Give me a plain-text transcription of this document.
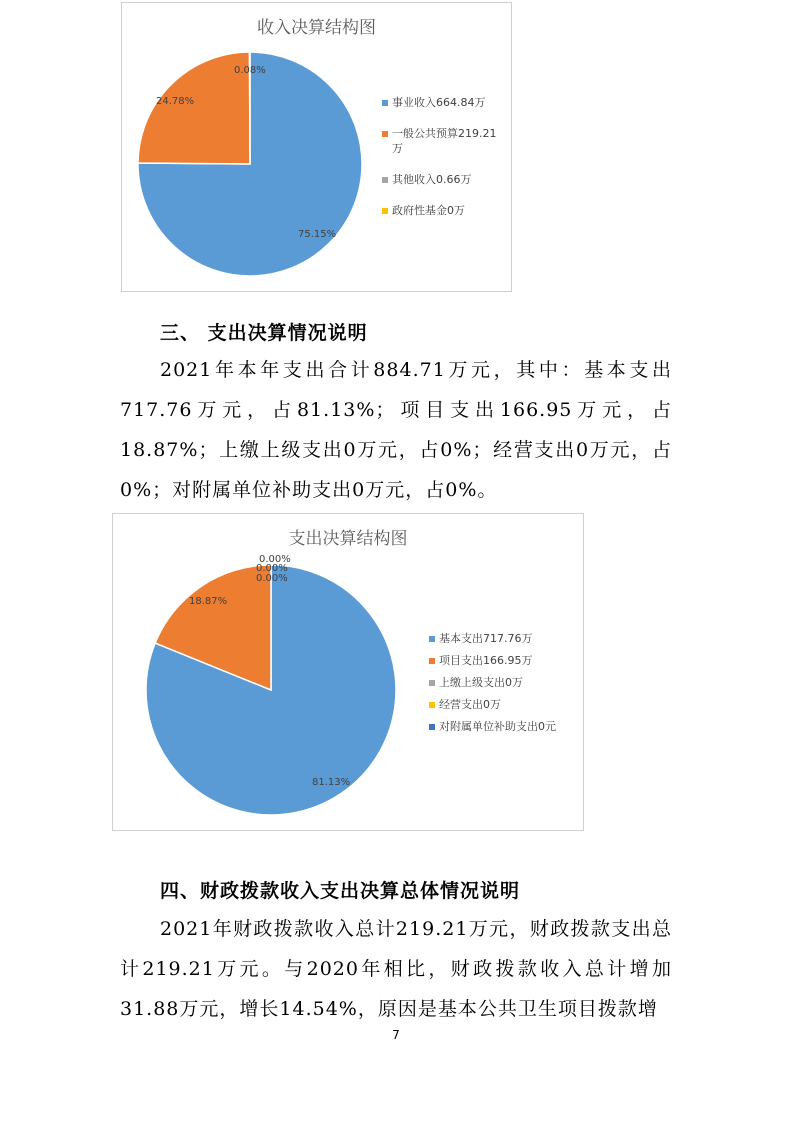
收入决算结构图
75.15%
24.78%
0.08%
事业收入664.84万
一般公共预算219.21万
其他收入0.66万
政府性基金0万
三、 支出决算情况说明
2021年本年支出合计884.71万元，其中：基本支出717.76万元，占81.13%；项目支出166.95万元，占18.87%；上缴上级支出0万元，占0%；经营支出0万元，占0%；对附属单位补助支出0万元，占0%。
支出决算结构图
81.13%
18.87%
0.00%
0.00%
0.00%
基本支出717.76万
项目支出166.95万
上缴上级支出0万
经营支出0万
对附属单位补助支出0元
四、财政拨款收入支出决算总体情况说明
2021年财政拨款收入总计219.21万元，财政拨款支出总计219.21万元。与2020年相比，财政拨款收入总计增加31.88万元，增长14.54%，原因是基本公共卫生项目拨款增
7
